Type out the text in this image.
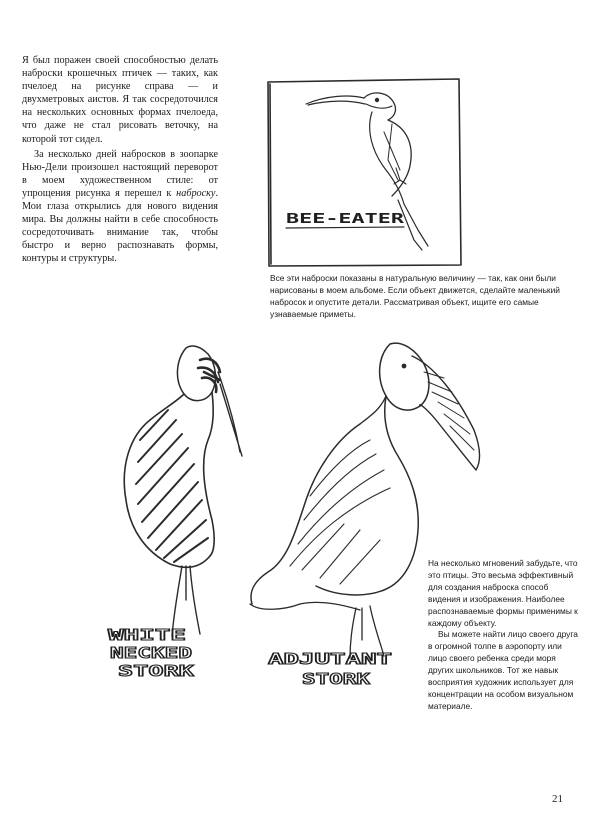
Я был поражен своей способностью делать наброски крошечных птичек — таких, как пчелоед на рисунке справа — и двухметровых аистов. Я так сосредоточился на нескольких основных формах пчелоеда, что даже не стал рисовать веточку, на которой тот сидел.

За несколько дней набросков в зоопарке Нью-Дели произошел настоящий переворот в моем художественном стиле: от упрощения рисунка я перешел к наброску. Мои глаза открылись для нового видения мира. Вы должны найти в себе способность сосредоточивать внимание так, чтобы быстро и верно распознавать формы, контуры и структуры.

BEE-EATER
Все эти наброски показаны в натуральную величину — так, как они были нарисованы в моем альбоме. Если объект движется, сделайте маленький набросок и опустите детали. Рассматривая объект, ищите его самые узнаваемые приметы.
WHITE
NECKED
STORK
ADJUTANT
STORK

На несколько мгновений забудьте, что это птицы. Это весьма эффективный для создания наброска способ видения и изображения. Наиболее распознаваемые формы применимы к каждому объекту.

Вы можете найти лицо своего друга в огромной толпе в аэропорту или лицо своего ребенка среди моря других школьников. Тот же навык восприятия художник использует для концентрации на особом визуальном материале.

21
